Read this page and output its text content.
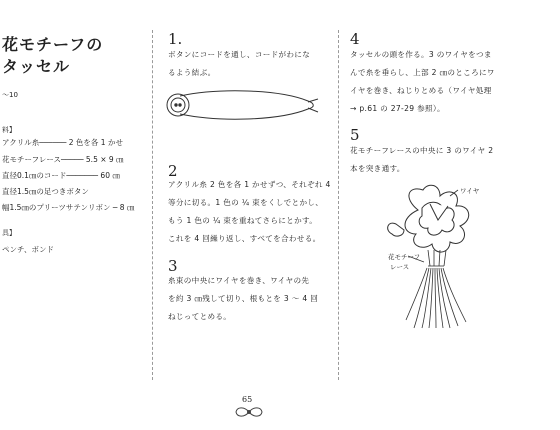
花モチーフの
タッセル
～10
料】
アクリル糸────── 2 色を各 1 かせ
花モチーフレース───── 5.5 × 9 ㎝
直径0.1㎝のコード─────── 60 ㎝
直径1.5㎝の足つきボタン
幅1.5㎝のプリーツサテンリボン ─ 8 ㎝
具】
ペンチ、ボンド
1.
ボタンにコードを通し、コードがわにな
るよう結ぶ。
2
アクリル糸 2 色を各 1 かせずつ、それぞれ 4
等分に切る。1 色の ¼ 束をくしでとかし、
もう 1 色の ¼ 束を重ねてさらにとかす。
これを 4 回繰り返し、すべてを合わせる。
3
糸束の中央にワイヤを巻き、ワイヤの先
を約 3 ㎝残して切り、根もとを 3 ～ 4 回
ねじってとめる。
4
タッセルの頭を作る。3 のワイヤをつま
んで糸を垂らし、上部 2 ㎝のところにワ
イヤを巻き、ねじりとめる（ワイヤ処理
→ p.61 の 27-29 参照）。
5
花モチーフレースの中央に 3 のワイヤ 2
本を突き通す。
ワイヤ
花モチーフ
レース
65
